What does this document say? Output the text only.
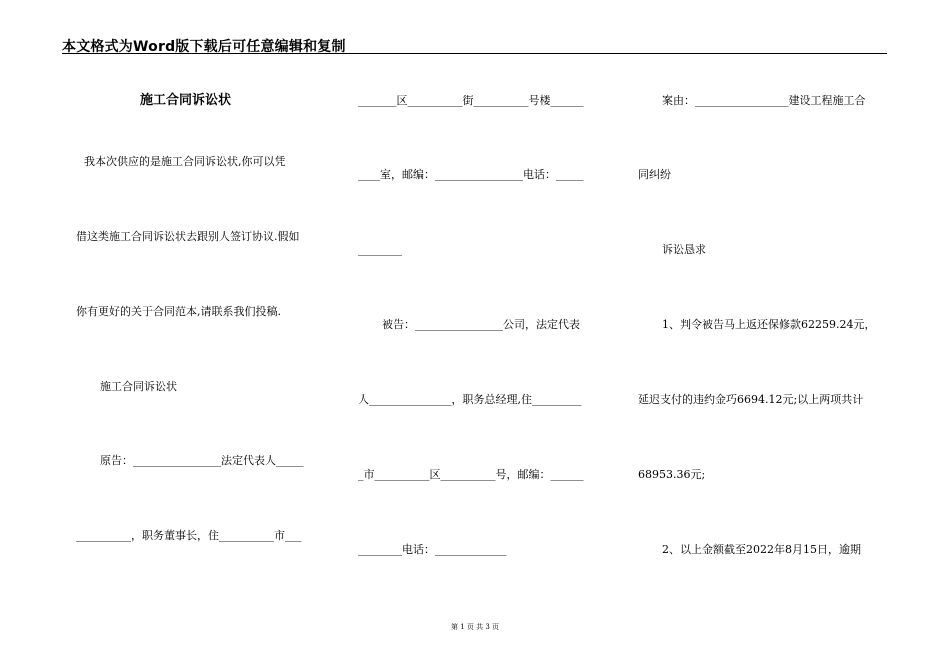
本文格式为Word版下载后可任意编辑和复制
施工合同诉讼状
我本次供应的是施工合同诉讼状,你可以凭
借这类施工合同诉讼状去跟别人签订协议.假如
你有更好的关于合同范本,请联系我们投稿.
施工合同诉讼状
原告：________________法定代表人_____
__________，职务董事长，住__________市___
_______区__________街__________号楼______
____室，邮编：________________电话：_____
________
被告：________________公司，法定代表
人_______________，职务总经理,住_________
_市__________区__________号，邮编：______
________电话：_____________
案由：_________________建设工程施工合
同纠纷
诉讼恳求
1、判令被告马上返还保修款62259.24元，
延迟支付的违约金巧6694.12元;以上两项共计
68953.36元;
2、以上金额截至2022年8月15日，逾期
第 1 页 共 3 页
